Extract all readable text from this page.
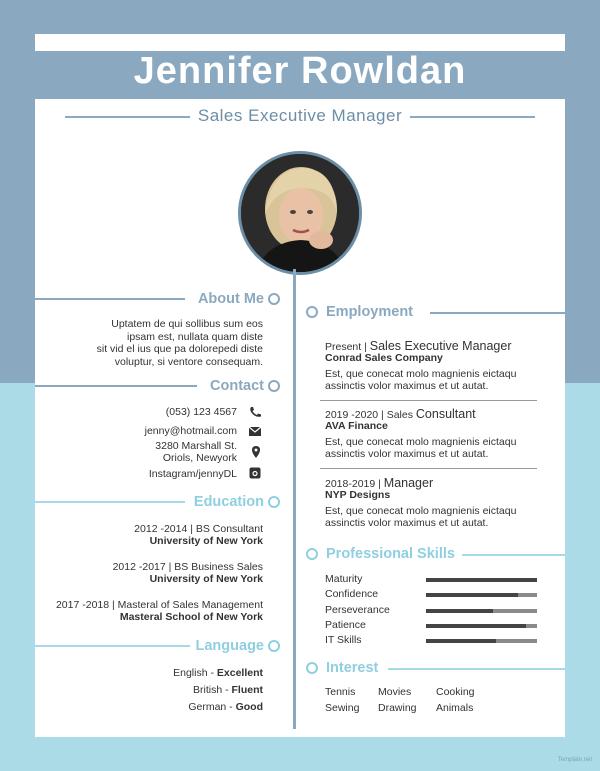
Jennifer Rowldan
Sales Executive Manager
About Me
Uptatem de qui sollibus sum eos
ipsam est, nullata quam diste
sit vid el ius que pa dolorepedi diste
voluptur, si ventore consequam.
Contact
(053) 123 4567
jenny@hotmail.com
3280 Marshall St.
Oriols, Newyork
Instagram/jennyDL
Education
2012 -2014 | BS Consultant
University of New York
2012 -2017 | BS Business Sales
University of New York
2017 -2018 | Masteral of Sales Management
Masteral School of New York
Language
English - Excellent
British - Fluent
German - Good
Employment
Present | Sales Executive Manager
Conrad Sales Company
Est, que conecat molo magnienis eictaqu
assinctis volor maximus et ut autat.
2019 -2020 | Sales Consultant
AVA Finance
Est, que conecat molo magnienis eictaqu
assinctis volor maximus et ut autat.
2018-2019 | Manager
NYP Designs
Est, que conecat molo magnienis eictaqu
assinctis volor maximus et ut autat.
Professional Skills
Maturity
Confidence
Perseverance
Patience
IT Skills
Interest
Tennis Movies Cooking
Sewing Drawing Animals
Template.net
